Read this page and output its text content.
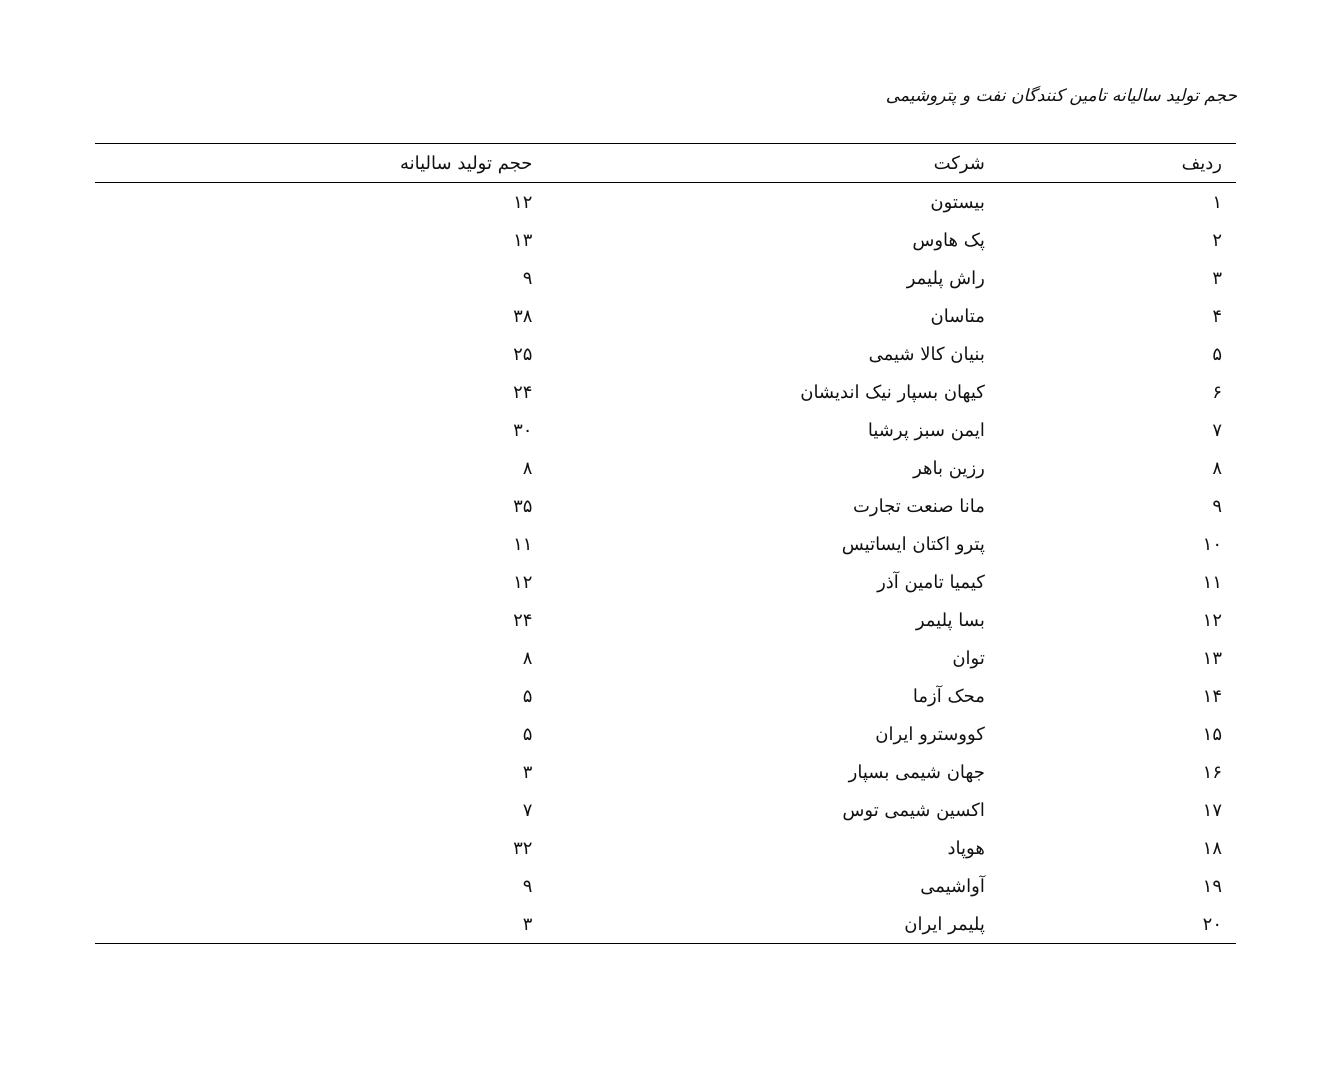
حجم تولید سالیانه تامین کنندگان نفت و پتروشیمی
ردیف	شرکت	حجم تولید سالیانه
۱	بیستون	۱۲
۲	پک هاوس	۱۳
۳	راش پلیمر	۹
۴	متاسان	۳۸
۵	بنیان کالا شیمی	۲۵
۶	کیهان بسپار نیک اندیشان	۲۴
۷	ایمن سبز پرشیا	۳۰
۸	رزین باهر	۸
۹	مانا صنعت تجارت	۳۵
۱۰	پترو اکتان ایساتیس	۱۱
۱۱	کیمیا تامین آذر	۱۲
۱۲	بسا پلیمر	۲۴
۱۳	توان	۸
۱۴	محک آزما	۵
۱۵	کووسترو ایران	۵
۱۶	جهان شیمی بسپار	۳
۱۷	اکسین شیمی توس	۷
۱۸	هوپاد	۳۲
۱۹	آواشیمی	۹
۲۰	پلیمر ایران	۳
